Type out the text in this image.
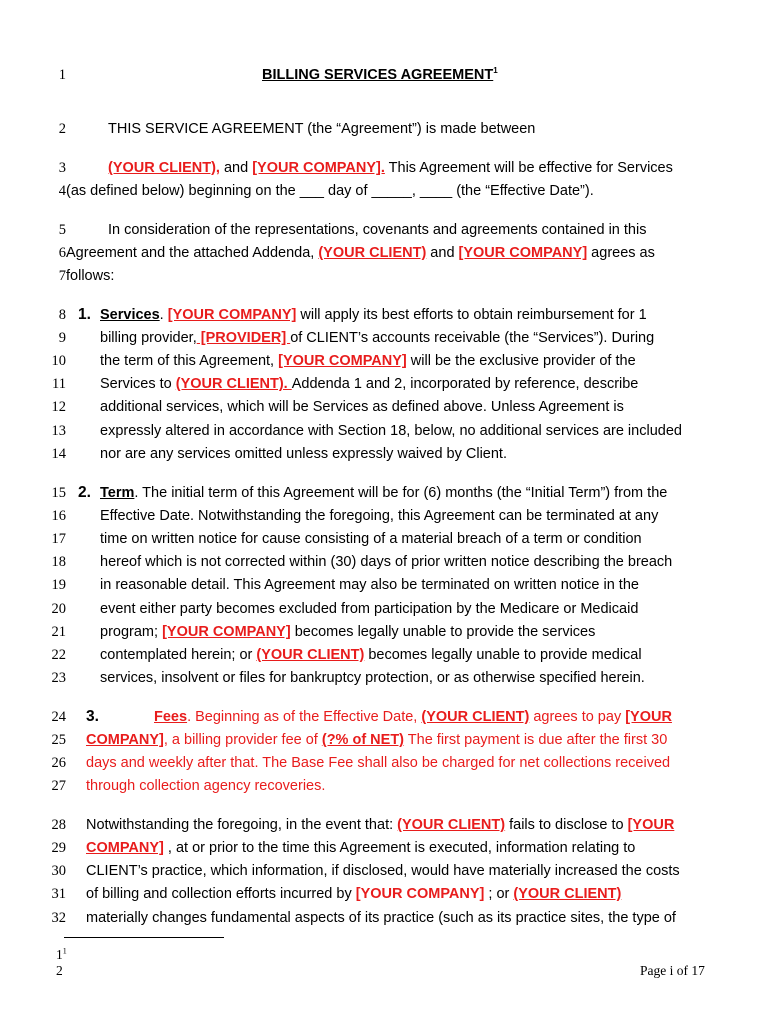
1
2
3
4
5
6
7
8
9
10
11
12
13
14
15
16
17
18
19
20
21
22
23
24
25
26
27
28
29
30
31
32
BILLING SERVICES AGREEMENT$^1$
THIS SERVICE AGREEMENT (the “Agreement”) is made between
(YOUR CLIENT), and [YOUR COMPANY]. This Agreement will be effective for Services
(as defined below) beginning on the ___ day of _____, ____ (the “Effective Date”).
In consideration of the representations, covenants and agreements contained in this
Agreement and the attached Addenda, (YOUR CLIENT) and [YOUR COMPANY] agrees as
follows:
1. Services. [YOUR COMPANY] will apply its best efforts to obtain reimbursement for 1
billing provider, [PROVIDER] of CLIENT’s accounts receivable (the “Services”). During
the term of this Agreement, [YOUR COMPANY] will be the exclusive provider of the
Services to (YOUR CLIENT). Addenda 1 and 2, incorporated by reference, describe
additional services, which will be Services as defined above. Unless Agreement is
expressly altered in accordance with Section 18, below, no additional services are included
nor are any services omitted unless expressly waived by Client.
2. Term. The initial term of this Agreement will be for (6) months (the “Initial Term”) from the
Effective Date. Notwithstanding the foregoing, this Agreement can be terminated at any
time on written notice for cause consisting of a material breach of a term or condition
hereof which is not corrected within (30) days of prior written notice describing the breach
in reasonable detail. This Agreement may also be terminated on written notice in the
event either party becomes excluded from participation by the Medicare or Medicaid
program; [YOUR COMPANY] becomes legally unable to provide the services
contemplated herein; or (YOUR CLIENT) becomes legally unable to provide medical
services, insolvent or files for bankruptcy protection, or as otherwise specified herein.
3.	Fees. Beginning as of the Effective Date, (YOUR CLIENT) agrees to pay [YOUR
COMPANY], a billing provider fee of (?% of NET) The first payment is due after the first 30
days and weekly after that. The Base Fee shall also be charged for net collections received
through collection agency recoveries.
Notwithstanding the foregoing, in the event that: (YOUR CLIENT) fails to disclose to [YOUR
COMPANY] , at or prior to the time this Agreement is executed, information relating to
CLIENT’s practice, which information, if disclosed, would have materially increased the costs
of billing and collection efforts incurred by [YOUR COMPANY] ; or (YOUR CLIENT)
materially changes fundamental aspects of its practice (such as its practice sites, the type of
$1^1$
2	Page i of 17
